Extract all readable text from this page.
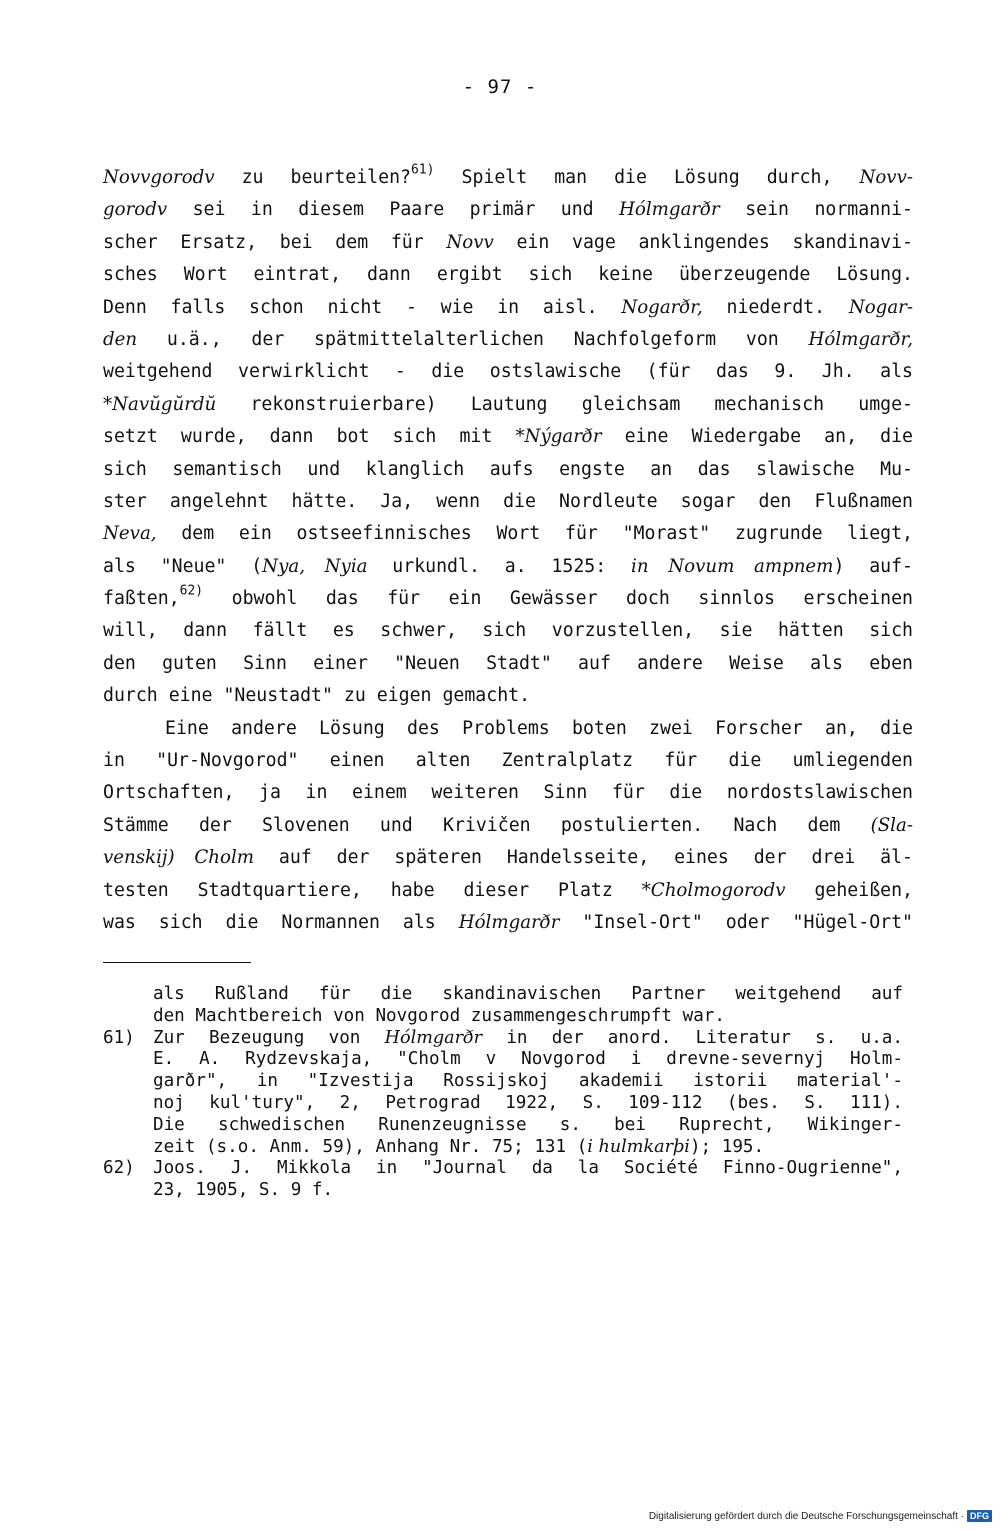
- 97 -
Novvgorodv zu beurteilen?$^{61)}$ Spielt man die Lösung durch, Novv-
gorodv sei in diesem Paare primär und Hólmgarðr sein normanni-
scher Ersatz, bei dem für Novv ein vage anklingendes skandinavi-
sches Wort eintrat, dann ergibt sich keine überzeugende Lösung.
Denn falls schon nicht - wie in aisl. Nogarðr, niederdt. Nogar-
den u.ä., der spätmittelalterlichen Nachfolgeform von Hólmgarðr,
weitgehend verwirklicht - die ostslawische (für das 9. Jh. als
*Navŭgŭrdŭ rekonstruierbare) Lautung gleichsam mechanisch umge-
setzt wurde, dann bot sich mit *Nýgarðr eine Wiedergabe an, die
sich semantisch und klanglich aufs engste an das slawische Mu-
ster angelehnt hätte. Ja, wenn die Nordleute sogar den Flußnamen
Neva, dem ein ostseefinnisches Wort für "Morast" zugrunde liegt,
als "Neue" (Nya, Nyia urkundl. a. 1525: in Novum ampnem) auf-
faßten,$^{62)}$ obwohl das für ein Gewässer doch sinnlos erscheinen
will, dann fällt es schwer, sich vorzustellen, sie hätten sich
den guten Sinn einer "Neuen Stadt" auf andere Weise als eben
durch eine "Neustadt" zu eigen gemacht.
Eine andere Lösung des Problems boten zwei Forscher an, die
in "Ur-Novgorod" einen alten Zentralplatz für die umliegenden
Ortschaften, ja in einem weiteren Sinn für die nordostslawischen
Stämme der Slovenen und Krivičen postulierten. Nach dem (Sla-
venskij) Cholm auf der späteren Handelsseite, eines der drei äl-
testen Stadtquartiere, habe dieser Platz *Cholmogorodv geheißen,
was sich die Normannen als Hólmgarðr "Insel-Ort" oder "Hügel-Ort"
als Rußland für die skandinavischen Partner weitgehend auf
den Machtbereich von Novgorod zusammengeschrumpft war.
61) Zur Bezeugung von Hólmgarðr in der anord. Literatur s. u.a.
E. A. Rydzevskaja, "Cholm v Novgorod i drevne-severnyj Holm-
garðr", in "Izvestija Rossijskoj akademii istorii material'-
noj kul'tury", 2, Petrograd 1922, S. 109-112 (bes. S. 111).
Die schwedischen Runenzeugnisse s. bei Ruprecht, Wikinger-
zeit (s.o. Anm. 59), Anhang Nr. 75; 131 (i hulmkarþi); 195.
62) Joos. J. Mikkola in "Journal da la Société Finno-Ougrienne",
23, 1905, S. 9 f.
Digitalisierung gefördert durch die Deutsche Forschungsgemeinschaft · DFG
